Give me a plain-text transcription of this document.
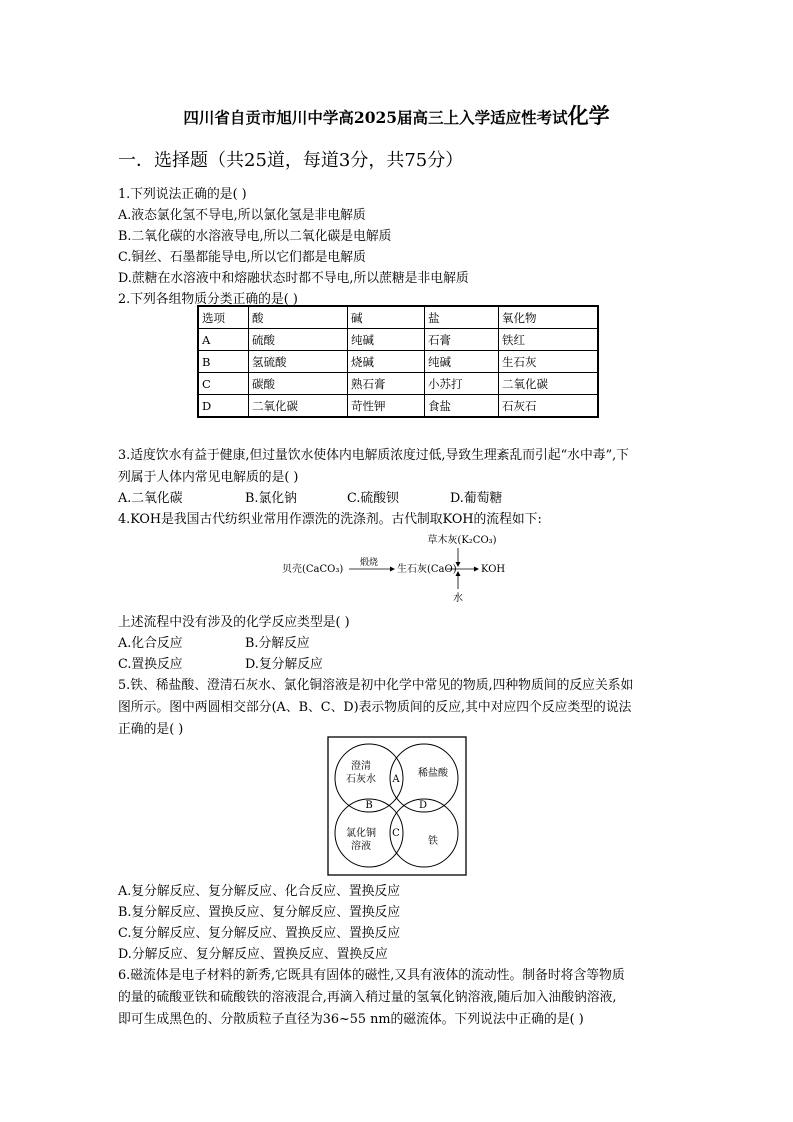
四川省自贡市旭川中学高2025届高三上入学适应性考试化学
一．选择题（共25道，每道3分，共75分）
1.下列说法正确的是( )
A.液态氯化氢不导电,所以氯化氢是非电解质
B.二氧化碳的水溶液导电,所以二氧化碳是电解质
C.铜丝、石墨都能导电,所以它们都是电解质
D.蔗糖在水溶液中和熔融状态时都不导电,所以蔗糖是非电解质
2.下列各组物质分类正确的是( )
选项	酸	碱	盐	氧化物
A	硫酸	纯碱	石膏	铁红
B	氢硫酸	烧碱	纯碱	生石灰
C	碳酸	熟石膏	小苏打	二氧化碳
D	二氧化碳	苛性钾	食盐	石灰石
3.适度饮水有益于健康,但过量饮水使体内电解质浓度过低,导致生理紊乱而引起“水中毒”,下
列属于人体内常见电解质的是( )
A.二氧化碳	B.氯化钠	C.硫酸钡	D.葡萄糖
4.KOH是我国古代纺织业常用作漂洗的洗涤剂。古代制取KOH的流程如下:
草木灰(K₂CO₃)
贝壳(CaCO₃)
煅烧
生石灰(CaO) KOH
水
上述流程中没有涉及的化学反应类型是( )
A.化合反应	B.分解反应
C.置换反应	D.复分解反应
5.铁、稀盐酸、澄清石灰水、氯化铜溶液是初中化学中常见的物质,四种物质间的反应关系如
图所示。图中两圆相交部分(A、B、C、D)表示物质间的反应,其中对应四个反应类型的说法
正确的是( )
澄清
石灰水
稀盐酸
氯化铜
溶液	铁
A
B
C
D
A.复分解反应、复分解反应、化合反应、置换反应
B.复分解反应、置换反应、复分解反应、置换反应
C.复分解反应、复分解反应、置换反应、置换反应
D.分解反应、复分解反应、置换反应、置换反应
6.磁流体是电子材料的新秀,它既具有固体的磁性,又具有液体的流动性。制备时将含等物质
的量的硫酸亚铁和硫酸铁的溶液混合,再滴入稍过量的氢氧化钠溶液,随后加入油酸钠溶液,
即可生成黑色的、分散质粒子直径为36~55 nm的磁流体。下列说法中正确的是( )
